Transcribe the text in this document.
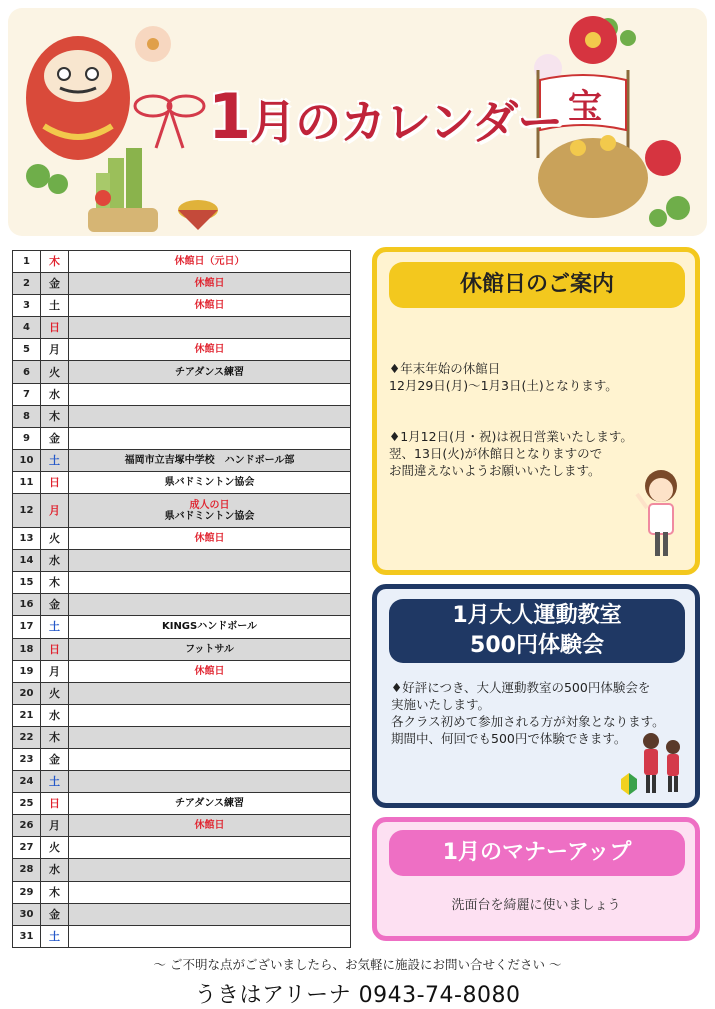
宝
1月のカレンダー
1	木	休館日（元日）

2	金	休館日

3	土	休館日

4	日	
5	月	休館日

6	火	チアダンス練習

7	水	
8	木	
9	金	
10	土	福岡市立吉塚中学校　ハンドボール部

11	日	県バドミントン協会

12	月	成人の日
県バドミントン協会

13	火	休館日

14	水	
15	木	
16	金	
17	土	KINGSハンドボール

18	日	フットサル

19	月	休館日

20	火	
21	水	
22	木	
23	金	
24	土	
25	日	チアダンス練習

26	月	休館日

27	火	
28	水	
29	木	
30	金	
31	土	
休館日のご案内
♦年末年始の休館日
12月29日(月)〜1月3日(土)となります。
♦1月12日(月・祝)は祝日営業いたします。
翌、13日(火)が休館日となりますので
お間違えないようお願いいたします。
1月大人運動教室
500円体験会
♦好評につき、大人運動教室の500円体験会を
実施いたします。
各クラス初めて参加される方が対象となります。
期間中、何回でも500円で体験できます。
1月のマナーアップ
洗面台を綺麗に使いましょう
〜 ご不明な点がございましたら、お気軽に施設にお問い合せください 〜
うきはアリーナ 0943-74-8080
